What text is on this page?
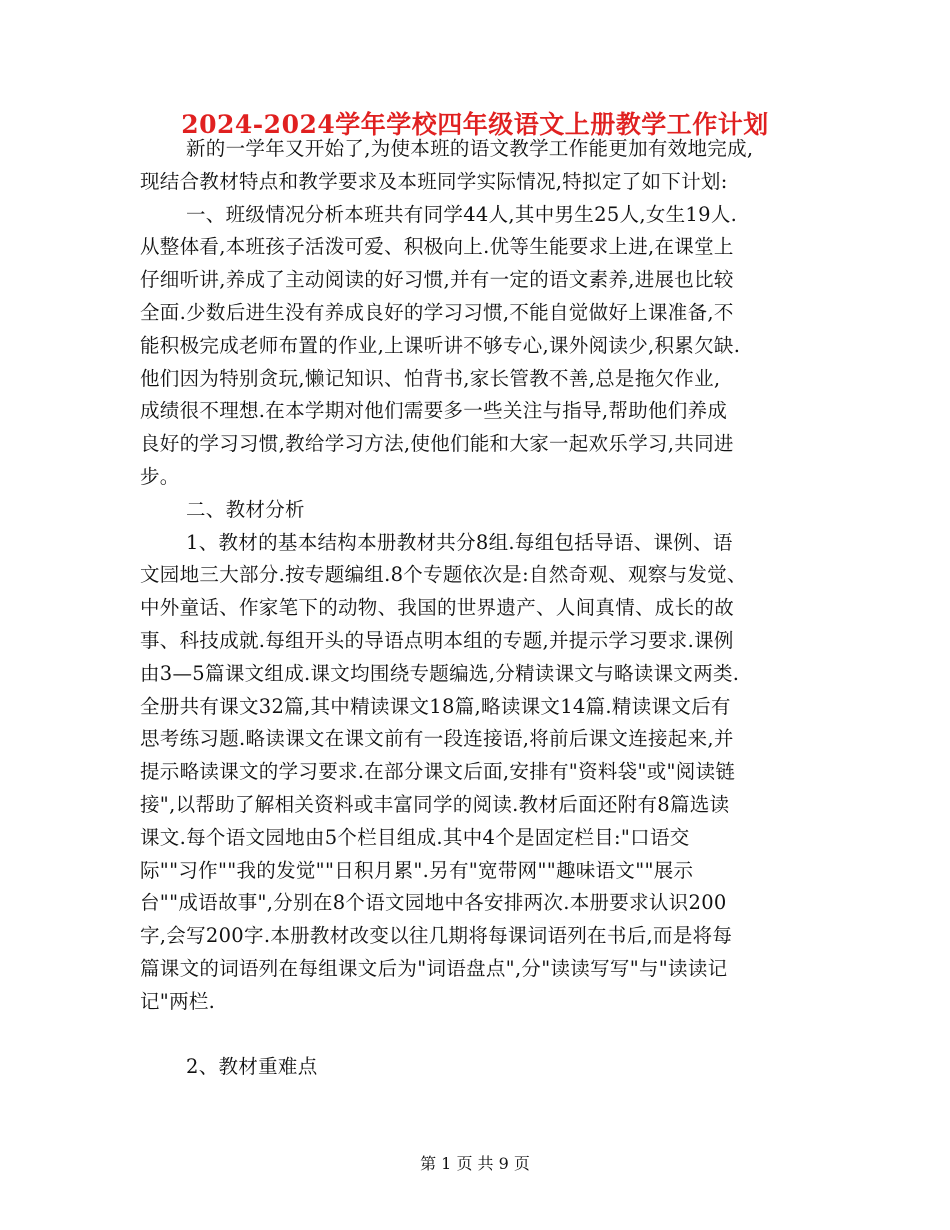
2024-2024学年学校四年级语文上册教学工作计划
新的一学年又开始了,为使本班的语文教学工作能更加有效地完成,
现结合教材特点和教学要求及本班同学实际情况,特拟定了如下计划:
一、班级情况分析本班共有同学44人,其中男生25人,女生19人.
从整体看,本班孩子活泼可爱、积极向上.优等生能要求上进,在课堂上
仔细听讲,养成了主动阅读的好习惯,并有一定的语文素养,进展也比较
全面.少数后进生没有养成良好的学习习惯,不能自觉做好上课准备,不
能积极完成老师布置的作业,上课听讲不够专心,课外阅读少,积累欠缺.
他们因为特别贪玩,懒记知识、怕背书,家长管教不善,总是拖欠作业,
成绩很不理想.在本学期对他们需要多一些关注与指导,帮助他们养成
良好的学习习惯,教给学习方法,使他们能和大家一起欢乐学习,共同进
步。
二、教材分析
1、教材的基本结构本册教材共分8组.每组包括导语、课例、语
文园地三大部分.按专题编组.8个专题依次是:自然奇观、观察与发觉、
中外童话、作家笔下的动物、我国的世界遗产、人间真情、成长的故
事、科技成就.每组开头的导语点明本组的专题,并提示学习要求.课例
由3—5篇课文组成.课文均围绕专题编选,分精读课文与略读课文两类.
全册共有课文32篇,其中精读课文18篇,略读课文14篇.精读课文后有
思考练习题.略读课文在课文前有一段连接语,将前后课文连接起来,并
提示略读课文的学习要求.在部分课文后面,安排有"资料袋"或"阅读链
接",以帮助了解相关资料或丰富同学的阅读.教材后面还附有8篇选读
课文.每个语文园地由5个栏目组成.其中4个是固定栏目:"口语交
际""习作""我的发觉""日积月累".另有"宽带网""趣味语文""展示
台""成语故事",分别在8个语文园地中各安排两次.本册要求认识200
字,会写200字.本册教材改变以往几期将每课词语列在书后,而是将每
篇课文的词语列在每组课文后为"词语盘点",分"读读写写"与"读读记
记"两栏.
2、教材重难点
第 1 页 共 9 页
